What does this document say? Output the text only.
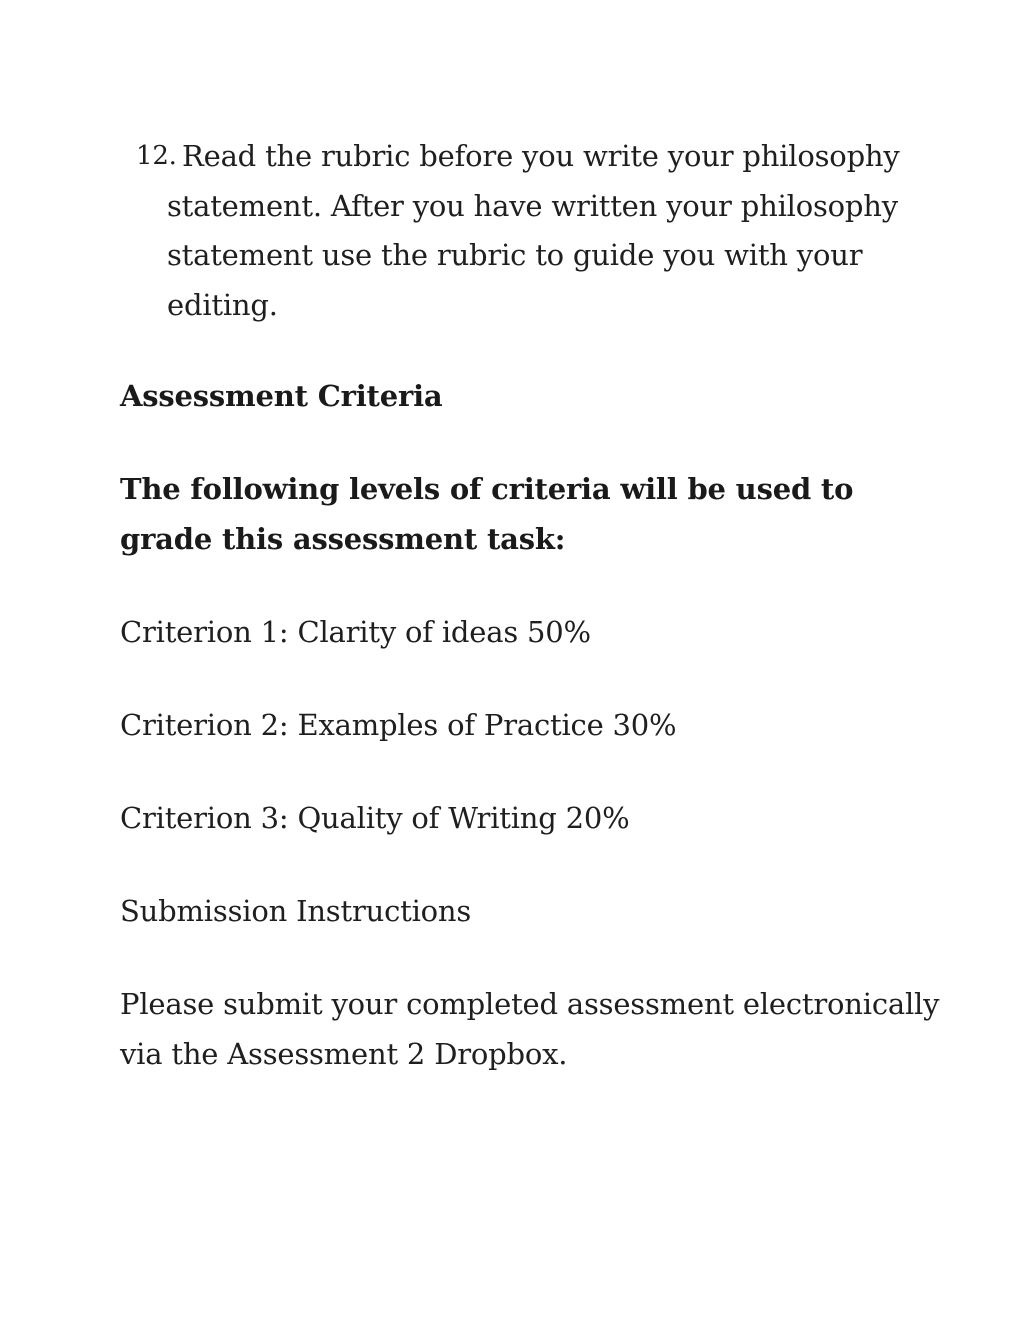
12. Read the rubric before you write your philosophy
statement. After you have written your philosophy
statement use the rubric to guide you with your
editing.

Assessment Criteria

The following levels of criteria will be used to
grade this assessment task:

Criterion 1: Clarity of ideas 50%

Criterion 2: Examples of Practice 30%

Criterion 3: Quality of Writing 20%

Submission Instructions

Please submit your completed assessment electronically
via the Assessment 2 Dropbox.
